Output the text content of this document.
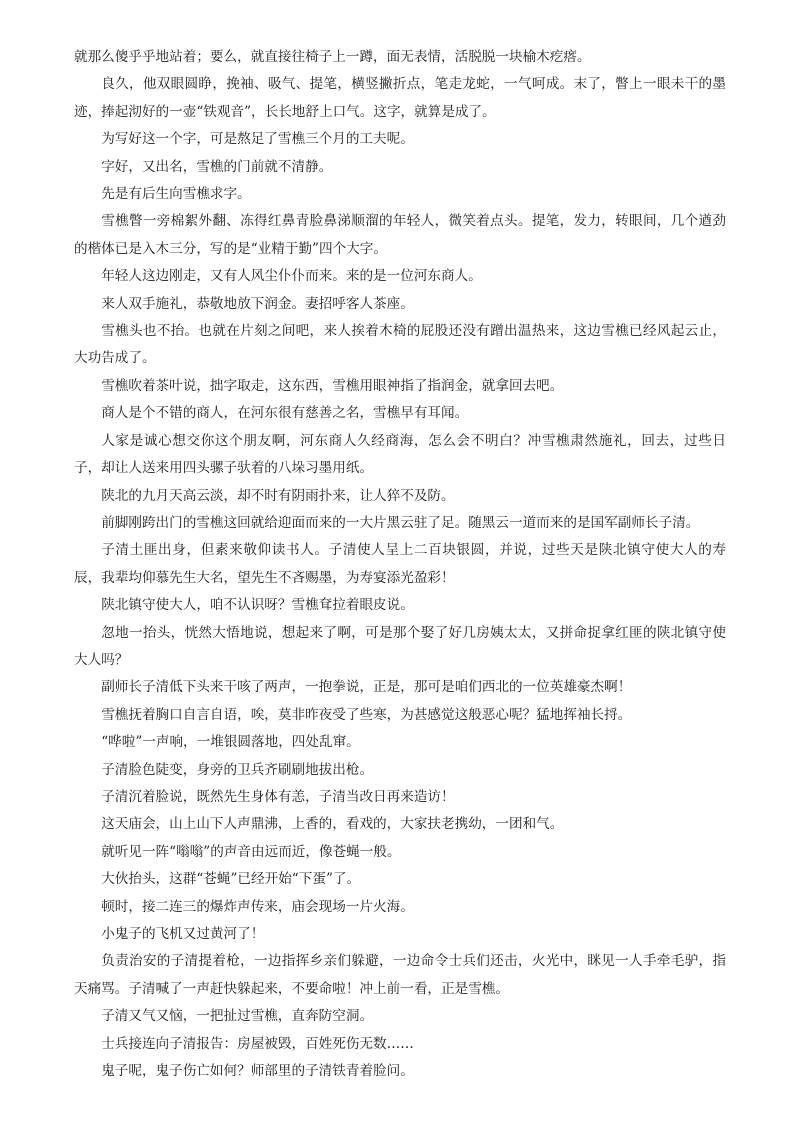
就那么傻乎乎地站着；要么，就直接往椅子上一蹲，面无表情，活脱脱一块榆木疙瘩。

良久，他双眼圆睁，挽袖、吸气、提笔，横竖撇折点，笔走龙蛇，一气呵成。末了，瞥上一眼未干的墨迹，捧起沏好的一壶“铁观音”，长长地舒上口气。这字，就算是成了。

为写好这一个字，可是熬足了雪樵三个月的工夫呢。

字好，又出名，雪樵的门前就不清静。

先是有后生向雪樵求字。

雪樵瞥一旁棉絮外翻、冻得红鼻青脸鼻涕顺溜的年轻人，微笑着点头。提笔，发力，转眼间，几个遒劲的楷体已是入木三分，写的是“业精于勤”四个大字。

年轻人这边刚走，又有人风尘仆仆而来。来的是一位河东商人。

来人双手施礼，恭敬地放下润金。妻招呼客人茶座。

雪樵头也不抬。也就在片刻之间吧，来人挨着木椅的屁股还没有蹭出温热来，这边雪樵已经风起云止，大功告成了。

雪樵吹着茶叶说，拙字取走，这东西，雪樵用眼神指了指润金，就拿回去吧。

商人是个不错的商人，在河东很有慈善之名，雪樵早有耳闻。

人家是诚心想交你这个朋友啊，河东商人久经商海，怎么会不明白？冲雪樵肃然施礼，回去，过些日子，却让人送来用四头骡子驮着的八垛习墨用纸。

陕北的九月天高云淡，却不时有阴雨扑来，让人猝不及防。

前脚刚跨出门的雪樵这回就给迎面而来的一大片黑云驻了足。随黑云一道而来的是国军副师长子清。

子清土匪出身，但素来敬仰读书人。子清使人呈上二百块银圆，并说，过些天是陕北镇守使大人的寿辰，我辈均仰慕先生大名，望先生不吝赐墨，为寿宴添光盈彩！

陕北镇守使大人，咱不认识呀？雪樵耷拉着眼皮说。

忽地一抬头，恍然大悟地说，想起来了啊，可是那个娶了好几房姨太太，又拼命捉拿红匪的陕北镇守使大人吗？

副师长子清低下头来干咳了两声，一抱拳说，正是，那可是咱们西北的一位英雄豪杰啊！

雪樵抚着胸口自言自语，唉，莫非昨夜受了些寒，为甚感觉这般恶心呢？猛地挥袖长捋。

“哗啦”一声响，一堆银圆落地，四处乱窜。

子清脸色陡变，身旁的卫兵齐刷刷地拔出枪。

子清沉着脸说，既然先生身体有恙，子清当改日再来造访！

这天庙会，山上山下人声鼎沸，上香的，看戏的，大家扶老携幼，一团和气。

就听见一阵“嗡嗡”的声音由远而近，像苍蝇一般。

大伙抬头，这群“苍蝇”已经开始“下蛋”了。

顿时，接二连三的爆炸声传来，庙会现场一片火海。

小鬼子的飞机又过黄河了！

负责治安的子清提着枪，一边指挥乡亲们躲避，一边命令士兵们还击，火光中，眯见一人手牵毛驴，指天痛骂。子清喊了一声赶快躲起来，不要命啦！冲上前一看，正是雪樵。

子清又气又恼，一把扯过雪樵，直奔防空洞。

士兵接连向子清报告：房屋被毁，百姓死伤无数……

鬼子呢，鬼子伤亡如何？师部里的子清铁青着脸问。
